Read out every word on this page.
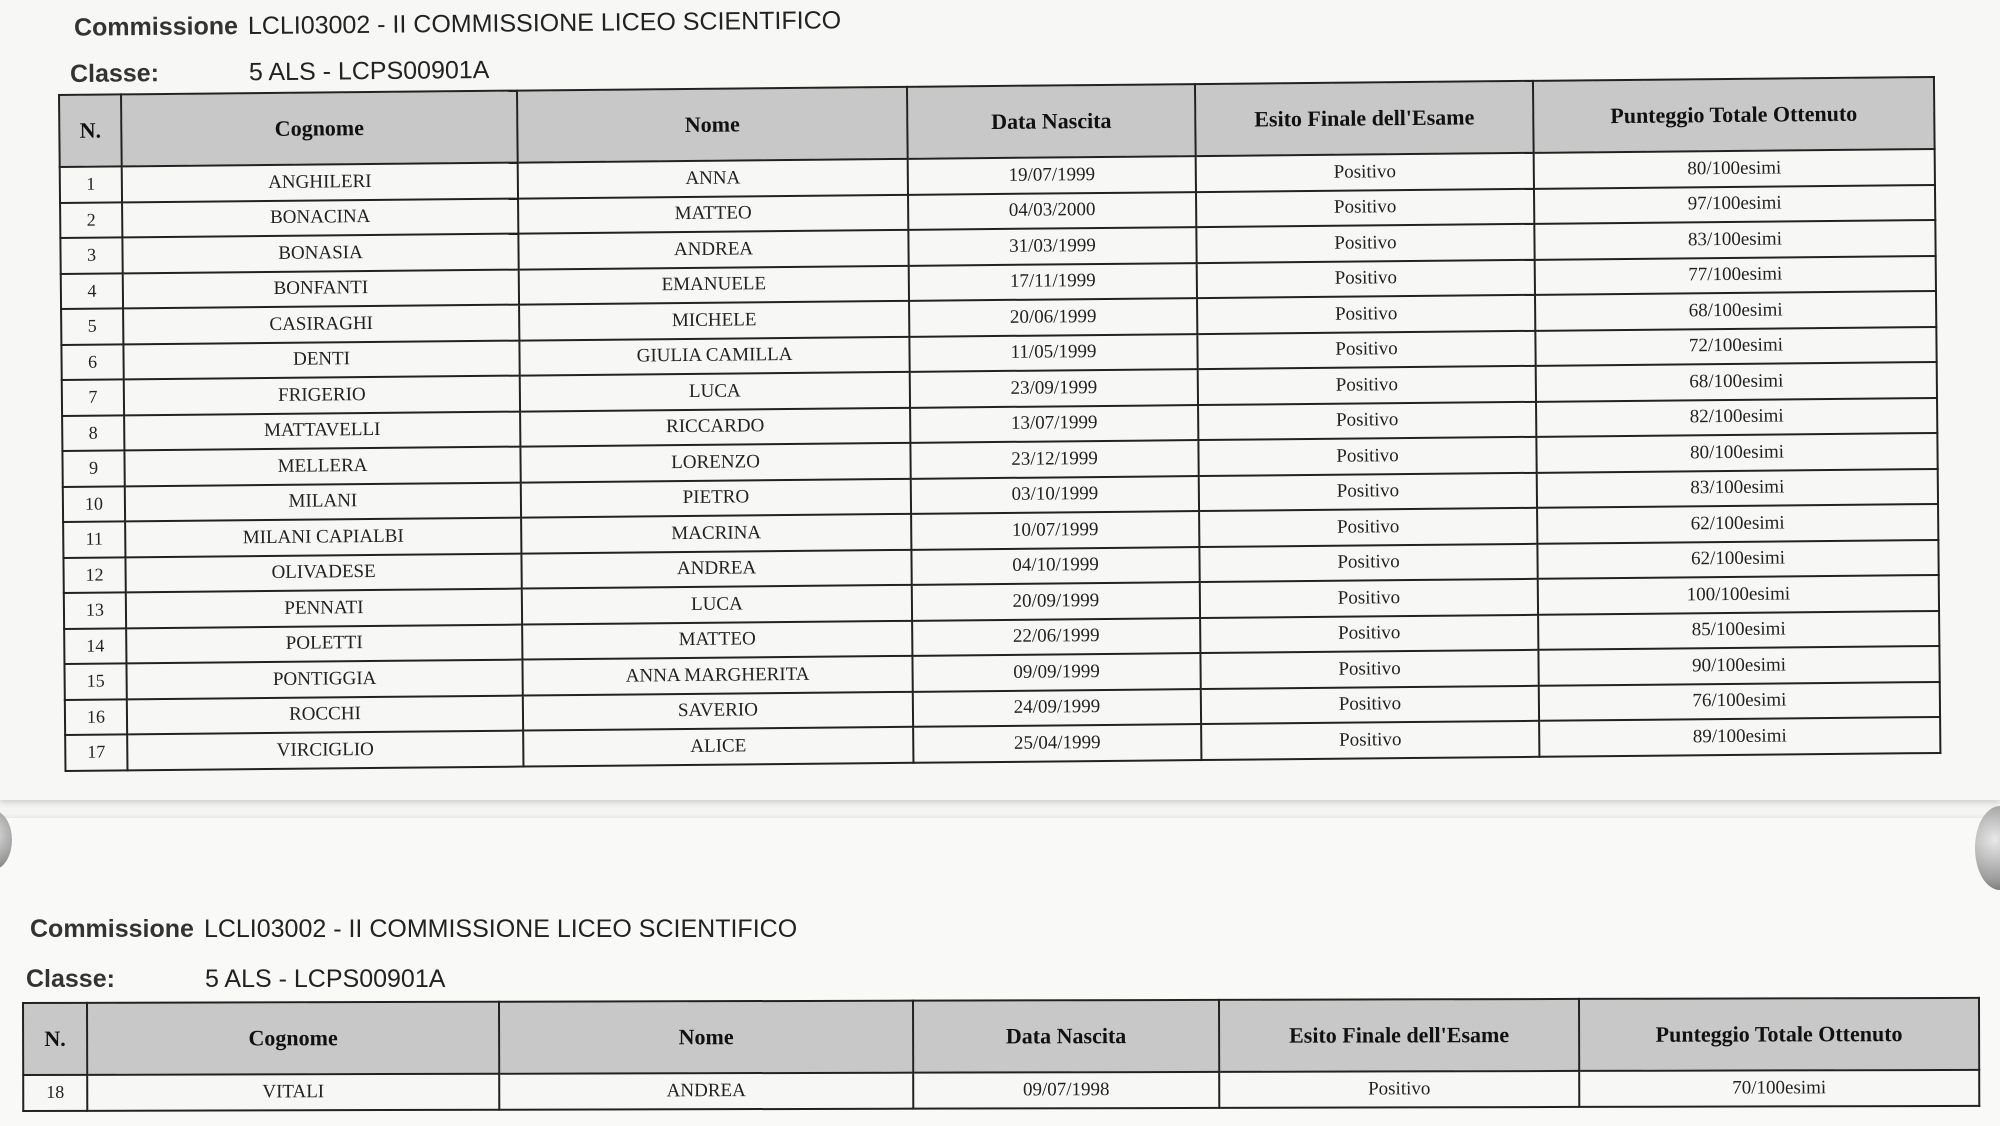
Commissione LCLI03002 - II COMMISSIONE LICEO SCIENTIFICO
Classe:	5 ALS - LCPS00901A
N.	Cognome	Nome	Data Nascita	Esito Finale dell'Esame	Punteggio Totale Ottenuto
1	ANGHILERI	ANNA	19/07/1999	Positivo	80/100esimi
2	BONACINA	MATTEO	04/03/2000	Positivo	97/100esimi
3	BONASIA	ANDREA	31/03/1999	Positivo	83/100esimi
4	BONFANTI	EMANUELE	17/11/1999	Positivo	77/100esimi
5	CASIRAGHI	MICHELE	20/06/1999	Positivo	68/100esimi
6	DENTI	GIULIA CAMILLA	11/05/1999	Positivo	72/100esimi
7	FRIGERIO	LUCA	23/09/1999	Positivo	68/100esimi
8	MATTAVELLI	RICCARDO	13/07/1999	Positivo	82/100esimi
9	MELLERA	LORENZO	23/12/1999	Positivo	80/100esimi
10	MILANI	PIETRO	03/10/1999	Positivo	83/100esimi
11	MILANI CAPIALBI	MACRINA	10/07/1999	Positivo	62/100esimi
12	OLIVADESE	ANDREA	04/10/1999	Positivo	62/100esimi
13	PENNATI	LUCA	20/09/1999	Positivo	100/100esimi
14	POLETTI	MATTEO	22/06/1999	Positivo	85/100esimi
15	PONTIGGIA	ANNA MARGHERITA	09/09/1999	Positivo	90/100esimi
16	ROCCHI	SAVERIO	24/09/1999	Positivo	76/100esimi
17	VIRCIGLIO	ALICE	25/04/1999	Positivo	89/100esimi
Commissione LCLI03002 - II COMMISSIONE LICEO SCIENTIFICO
Classe:	5 ALS - LCPS00901A
N.	Cognome	Nome	Data Nascita	Esito Finale dell'Esame	Punteggio Totale Ottenuto
18	VITALI	ANDREA	09/07/1998	Positivo	70/100esimi
